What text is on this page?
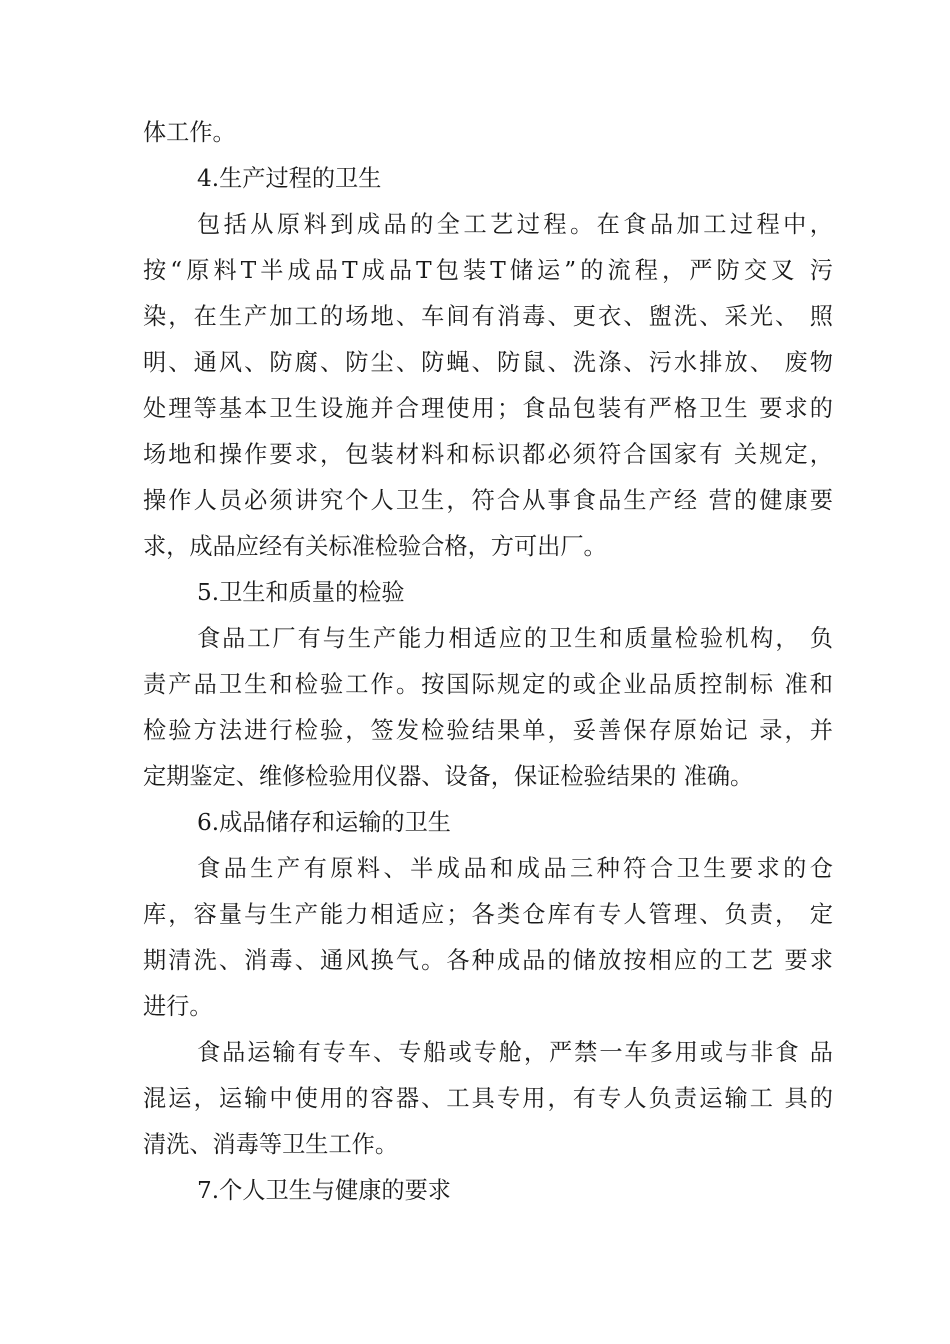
体工作。
4.生产过程的卫生
包括从原料到成品的全工艺过程。在食品加工过程中，
按“原料T半成品T成品T包装T储运”的流程，严防交叉 污
染，在生产加工的场地、车间有消毒、更衣、盥洗、采光、 照
明、通风、防腐、防尘、防蝇、防鼠、洗涤、污水排放、 废物
处理等基本卫生设施并合理使用；食品包装有严格卫生 要求的
场地和操作要求，包装材料和标识都必须符合国家有 关规定，
操作人员必须讲究个人卫生，符合从事食品生产经 营的健康要
求，成品应经有关标准检验合格，方可出厂。
5.卫生和质量的检验
食品工厂有与生产能力相适应的卫生和质量检验机构， 负
责产品卫生和检验工作。按国际规定的或企业品质控制标 准和
检验方法进行检验，签发检验结果单，妥善保存原始记 录，并
定期鉴定、维修检验用仪器、设备，保证检验结果的 准确。
6.成品储存和运输的卫生
食品生产有原料、半成品和成品三种符合卫生要求的仓
库，容量与生产能力相适应；各类仓库有专人管理、负责， 定
期清洗、消毒、通风换气。各种成品的储放按相应的工艺 要求
进行。
食品运输有专车、专船或专舱，严禁一车多用或与非食 品
混运，运输中使用的容器、工具专用，有专人负责运输工 具的
清洗、消毒等卫生工作。
7.个人卫生与健康的要求
